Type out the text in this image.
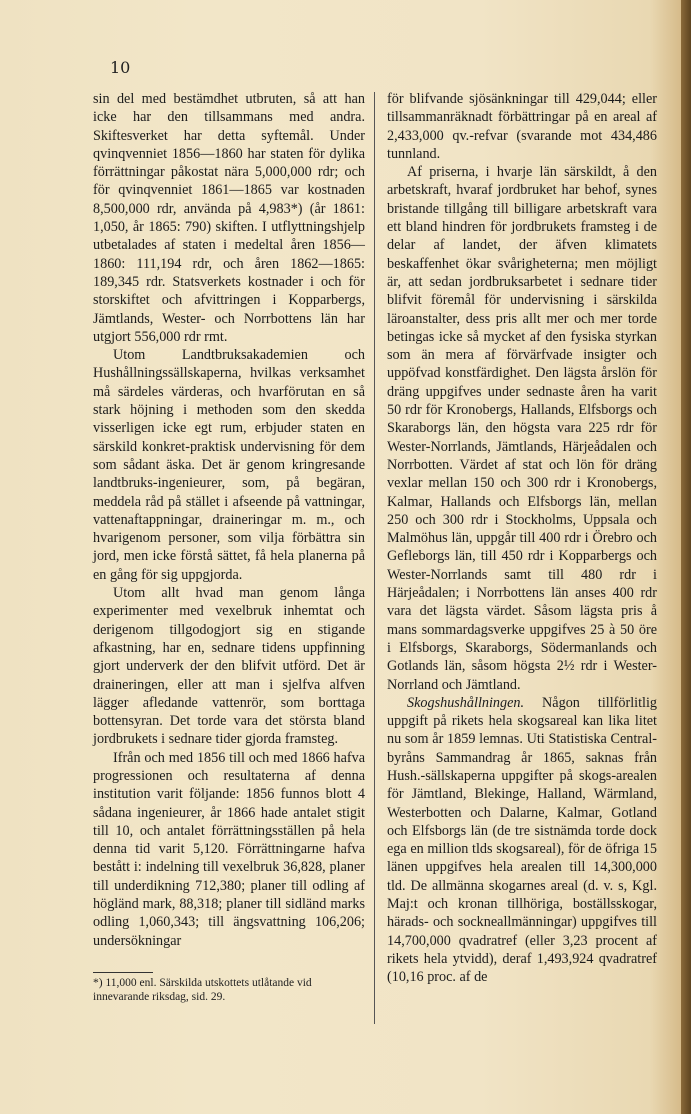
10

sin del med bestämdhet utbruten, så att han icke har den tillsammans med andra. Skiftesverket har detta syftemål. Under qvinqvenniet 1856—1860 har staten för dylika förrättningar påkostat nära 5,000,000 rdr; och för qvinqvenniet 1861—1865 var kostnaden 8,500,000 rdr, använda på 4,983*) (år 1861: 1,050, år 1865: 790) skiften. I utflyttningshjelp utbetalades af staten i medeltal åren 1856—1860: 111,194 rdr, och åren 1862—1865: 189,345 rdr. Statsverkets kostnader i och för storskiftet och afvittringen i Kopparbergs, Jämtlands, Wester- och Norrbottens län har utgjort 556,000 rdr rmt.

Utom Landtbruksakademien och Hushållningssällskaperna, hvilkas verksamhet må särdeles värderas, och hvarförutan en så stark höjning i methoden som den skedda visserligen icke egt rum, erbjuder staten en särskild konkret-praktisk undervisning för dem som sådant äska. Det är genom kringresande landtbruks-ingenieurer, som, på begäran, meddela råd på stället i afseende på vattningar, vattenaftappningar, draineringar m. m., och hvarigenom personer, som vilja förbättra sin jord, men icke förstå sättet, få hela planerna på en gång för sig uppgjorda.

Utom allt hvad man genom långa experimenter med vexelbruk inhemtat och derigenom tillgodogjort sig en stigande afkastning, har en, sednare tidens uppfinning gjort underverk der den blifvit utförd. Det är draineringen, eller att man i sjelfva alfven lägger afledande vattenrör, som borttaga bottensyran. Det torde vara det största bland jordbrukets i sednare tider gjorda framsteg.

Ifrån och med 1856 till och med 1866 hafva progressionen och resultaterna af denna institution varit följande: 1856 funnos blott 4 sådana ingenieurer, år 1866 hade antalet stigit till 10, och antalet förrättningsställen på hela denna tid varit 5,120. Förrättningarne hafva bestått i: indelning till vexelbruk 36,828, planer till underdikning 712,380; planer till odling af högländ mark, 88,318; planer till sidländ marks odling 1,060,343; till ängsvattning 106,206; undersökningar

för blifvande sjösänkningar till 429,044; eller tillsammanräknadt förbättringar på en areal af 2,433,000 qv.-refvar (svarande mot 434,486 tunnland.

Af priserna, i hvarje län särskildt, å den arbetskraft, hvaraf jordbruket har behof, synes bristande tillgång till billigare arbetskraft vara ett bland hindren för jordbrukets framsteg i de delar af landet, der äfven klimatets beskaffenhet ökar svårigheterna; men möjligt är, att sedan jordbruksarbetet i sednare tider blifvit föremål för undervisning i särskilda läroanstalter, dess pris allt mer och mer torde betingas icke så mycket af den fysiska styrkan som än mera af förvärfvade insigter och uppöfvad konstfärdighet. Den lägsta årslön för dräng uppgifves under sednaste åren ha varit 50 rdr för Kronobergs, Hallands, Elfsborgs och Skaraborgs län, den högsta vara 225 rdr för Wester-Norrlands, Jämtlands, Härjeådalen och Norrbotten. Värdet af stat och lön för dräng vexlar mellan 150 och 300 rdr i Kronobergs, Kalmar, Hallands och Elfsborgs län, mellan 250 och 300 rdr i Stockholms, Uppsala och Malmöhus län, uppgår till 400 rdr i Örebro och Gefleborgs län, till 450 rdr i Kopparbergs och Wester-Norrlands samt till 480 rdr i Härjeådalen; i Norrbottens län anses 400 rdr vara det lägsta värdet. Såsom lägsta pris å mans sommardagsverke uppgifves 25 à 50 öre i Elfsborgs, Skaraborgs, Södermanlands och Gotlands län, såsom högsta 2½ rdr i Wester-Norrland och Jämtland.

Skogshushållningen. Någon tillförlitlig uppgift på rikets hela skogsareal kan lika litet nu som år 1859 lemnas. Uti Statistiska Central-byråns Sammandrag år 1865, saknas från Hush.-sällskaperna uppgifter på skogs-arealen för Jämtland, Blekinge, Halland, Wärmland, Westerbotten och Dalarne, Kalmar, Gotland och Elfsborgs län (de tre sistnämda torde dock ega en million tlds skogsareal), för de öfriga 15 länen uppgifves hela arealen till 14,300,000 tld. De allmänna skogarnes areal (d. v. s, Kgl. Maj:t och kronan tillhöriga, boställsskogar, härads- och sockneallmänningar) uppgifves till 14,700,000 qvadratref (eller 3,23 procent af rikets hela ytvidd), deraf 1,493,924 qvadratref (10,16 proc. af de

*) 11,000 enl. Särskilda utskottets utlåtande vid innevarande riksdag, sid. 29.
